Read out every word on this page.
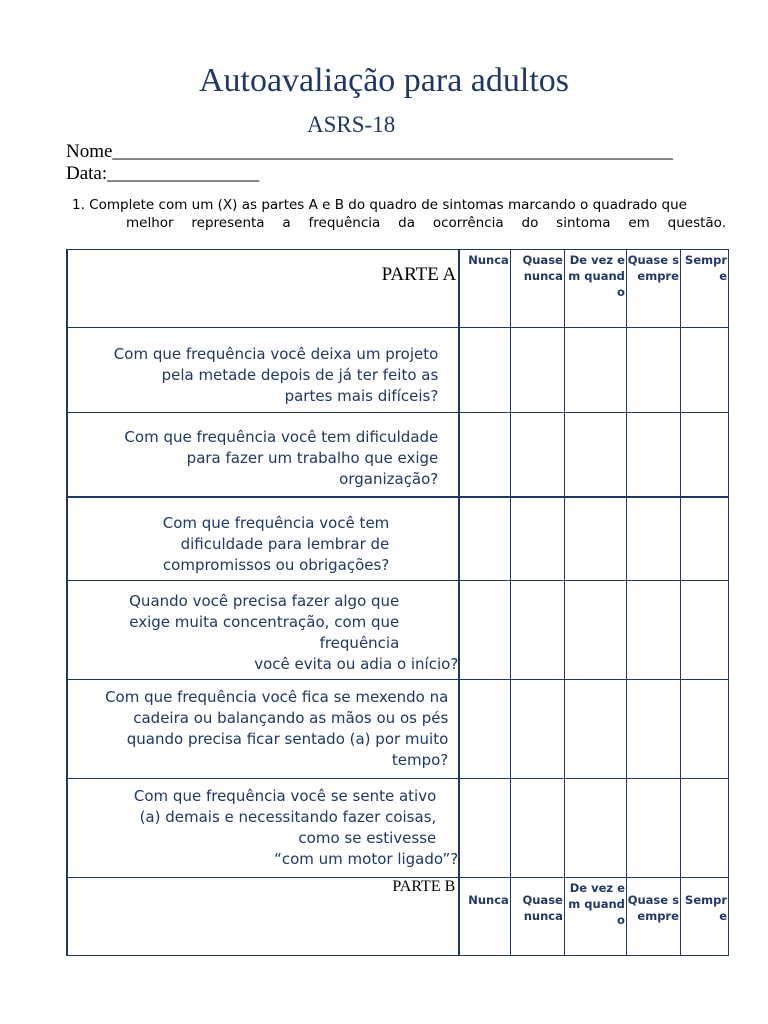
Autoavaliação para adultos
ASRS-18
Nome___________________________________________________________
Data:________________
1. Complete com um (X) as partes A e B do quadro de sintomas marcando o quadrado que
melhor representa a frequência da ocorrência do sintoma em questão.
PARTE A	Nunca	Quase nunca	De vez em quando	Quase sempre	Sempre

Com que frequência você deixa um projeto
pela metade depois de já ter feito as
partes mais difíceis?					

Com que frequência você tem dificuldade
para fazer um trabalho que exige
organização?					

Com que frequência você tem
dificuldade para lembrar de
compromissos ou obrigações?					

Quando você precisa fazer algo que
exige muita concentração, com que
frequência
você evita ou adia o início?					

Com que frequência você fica se mexendo na
cadeira ou balançando as mãos ou os pés
quando precisa ficar sentado (a) por muito
tempo?					

Com que frequência você se sente ativo
(a) demais e necessitando fazer coisas,
como se estivesse
“com um motor ligado”?					

PARTE B	Nunca	Quase nunca	De vez em quando	Quase sempre	Sempre
